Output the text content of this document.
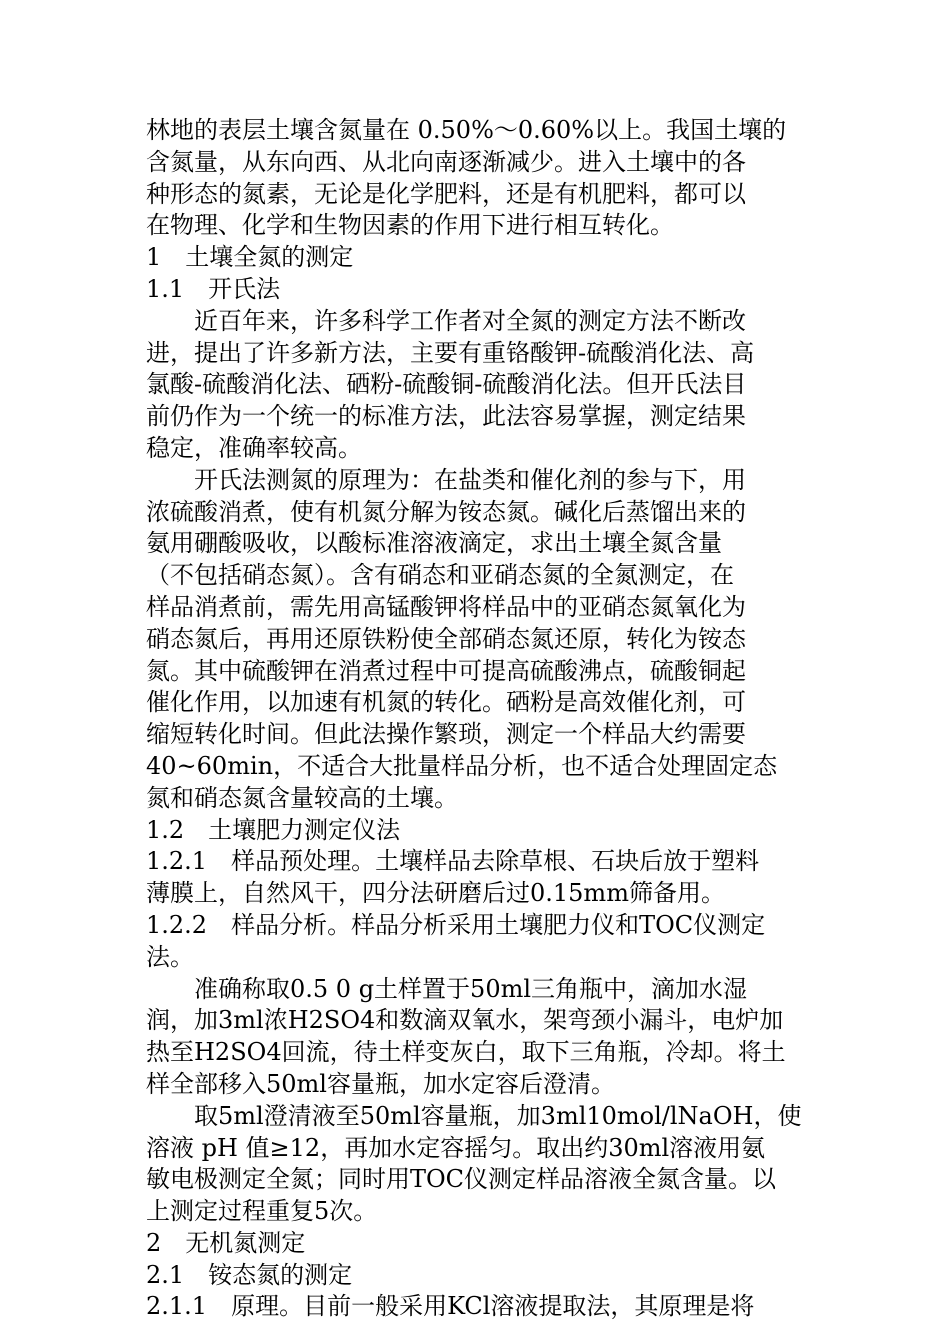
林地的表层土壤含氮量在 0.50%～0.60%以上。我国土壤的
含氮量，从东向西、从北向南逐渐减少。进入土壤中的各
种形态的氮素，无论是化学肥料，还是有机肥料，都可以
在物理、化学和生物因素的作用下进行相互转化。
1　土壤全氮的测定
1.1　开氏法
　　近百年来，许多科学工作者对全氮的测定方法不断改
进，提出了许多新方法，主要有重铬酸钾-硫酸消化法、高
氯酸-硫酸消化法、硒粉-硫酸铜-硫酸消化法。但开氏法目
前仍作为一个统一的标准方法，此法容易掌握，测定结果
稳定，准确率较高。
　　开氏法测氮的原理为：在盐类和催化剂的参与下，用
浓硫酸消煮，使有机氮分解为铵态氮。碱化后蒸馏出来的
氨用硼酸吸收，以酸标准溶液滴定，求出土壤全氮含量
（不包括硝态氮）。含有硝态和亚硝态氮的全氮测定，在
样品消煮前，需先用高锰酸钾将样品中的亚硝态氮氧化为
硝态氮后，再用还原铁粉使全部硝态氮还原，转化为铵态
氮。其中硫酸钾在消煮过程中可提高硫酸沸点，硫酸铜起
催化作用，以加速有机氮的转化。硒粉是高效催化剂，可
缩短转化时间。但此法操作繁琐，测定一个样品大约需要
40~60min，不适合大批量样品分析，也不适合处理固定态
氮和硝态氮含量较高的土壤。
1.2　土壤肥力测定仪法
1.2.1　样品预处理。土壤样品去除草根、石块后放于塑料
薄膜上，自然风干，四分法研磨后过0.15mm筛备用。
1.2.2　样品分析。样品分析采用土壤肥力仪和TOC仪测定
法。
　　准确称取0.5 0 g土样置于50ml三角瓶中，滴加水湿
润，加3ml浓H2SO4和数滴双氧水，架弯颈小漏斗，电炉加
热至H2SO4回流，待土样变灰白，取下三角瓶，冷却。将土
样全部移入50ml容量瓶，加水定容后澄清。
　　取5ml澄清液至50ml容量瓶，加3ml10mol/lNaOH，使
溶液 pH 值≥12，再加水定容摇匀。取出约30ml溶液用氨
敏电极测定全氮；同时用TOC仪测定样品溶液全氮含量。以
上测定过程重复5次。
2　无机氮测定
2.1　铵态氮的测定
2.1.1　原理。目前一般采用KCl溶液提取法，其原理是将
